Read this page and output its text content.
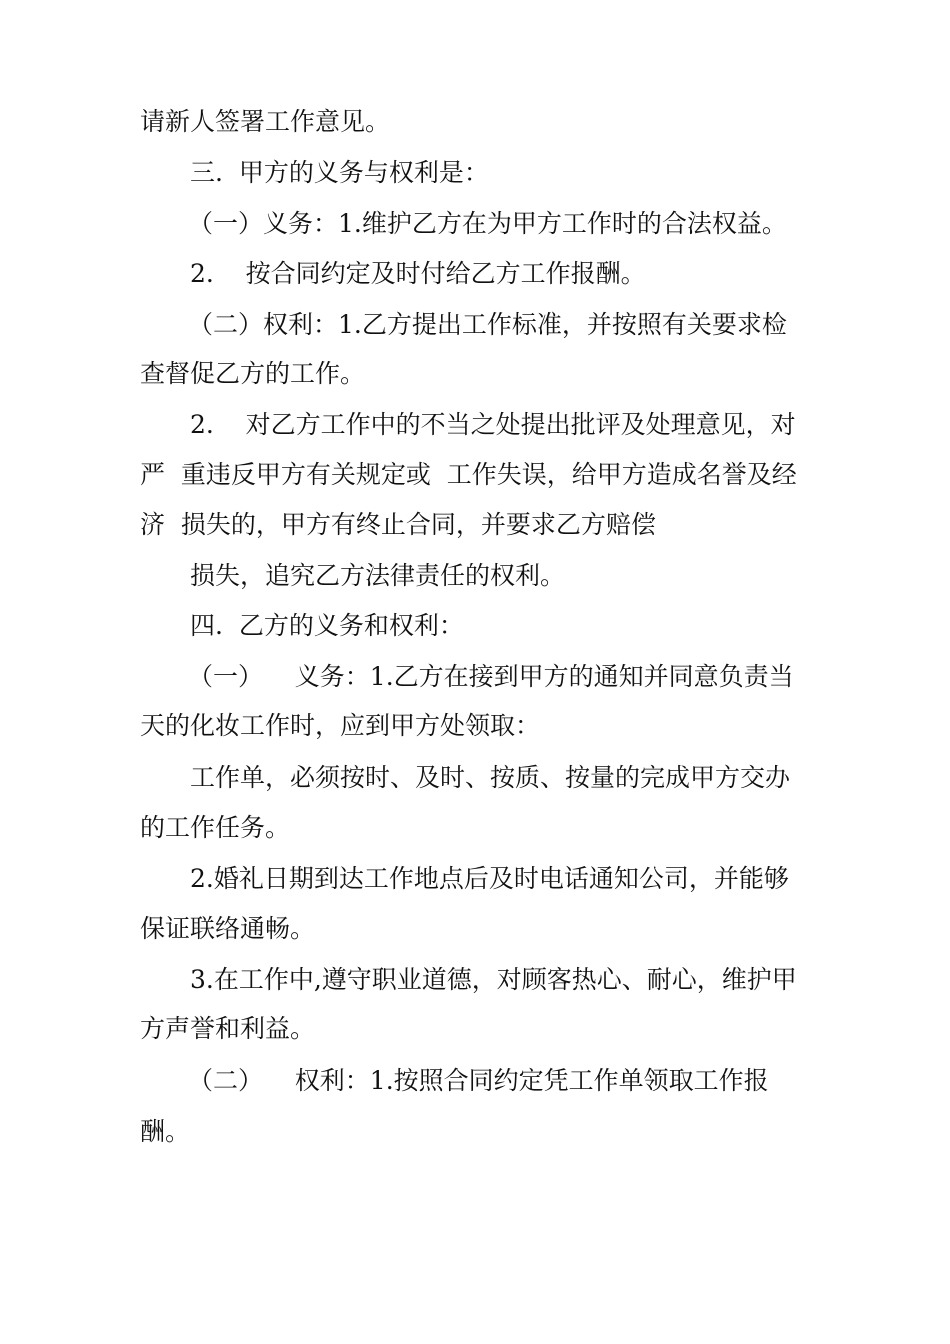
请新人签署工作意见。
三.  甲方的义务与权利是：
（一）义务：1.维护乙方在为甲方工作时的合法权益。
2.    按合同约定及时付给乙方工作报酬。
（二）权利：1.乙方提出工作标准，并按照有关要求检
查督促乙方的工作。
2.    对乙方工作中的不当之处提出批评及处理意见，对
严  重违反甲方有关规定或  工作失误，给甲方造成名誉及经
济  损失的，甲方有终止合同，并要求乙方赔偿
损失，追究乙方法律责任的权利。
四.  乙方的义务和权利：
（一）    义务：1.乙方在接到甲方的通知并同意负责当
天的化妆工作时，应到甲方处领取：
工作单，必须按时、及时、按质、按量的完成甲方交办
的工作任务。
2.婚礼日期到达工作地点后及时电话通知公司，并能够
保证联络通畅。
3.在工作中,遵守职业道德，对顾客热心、耐心，维护甲
方声誉和利益。
（二）    权利：1.按照合同约定凭工作单领取工作报
酬。
